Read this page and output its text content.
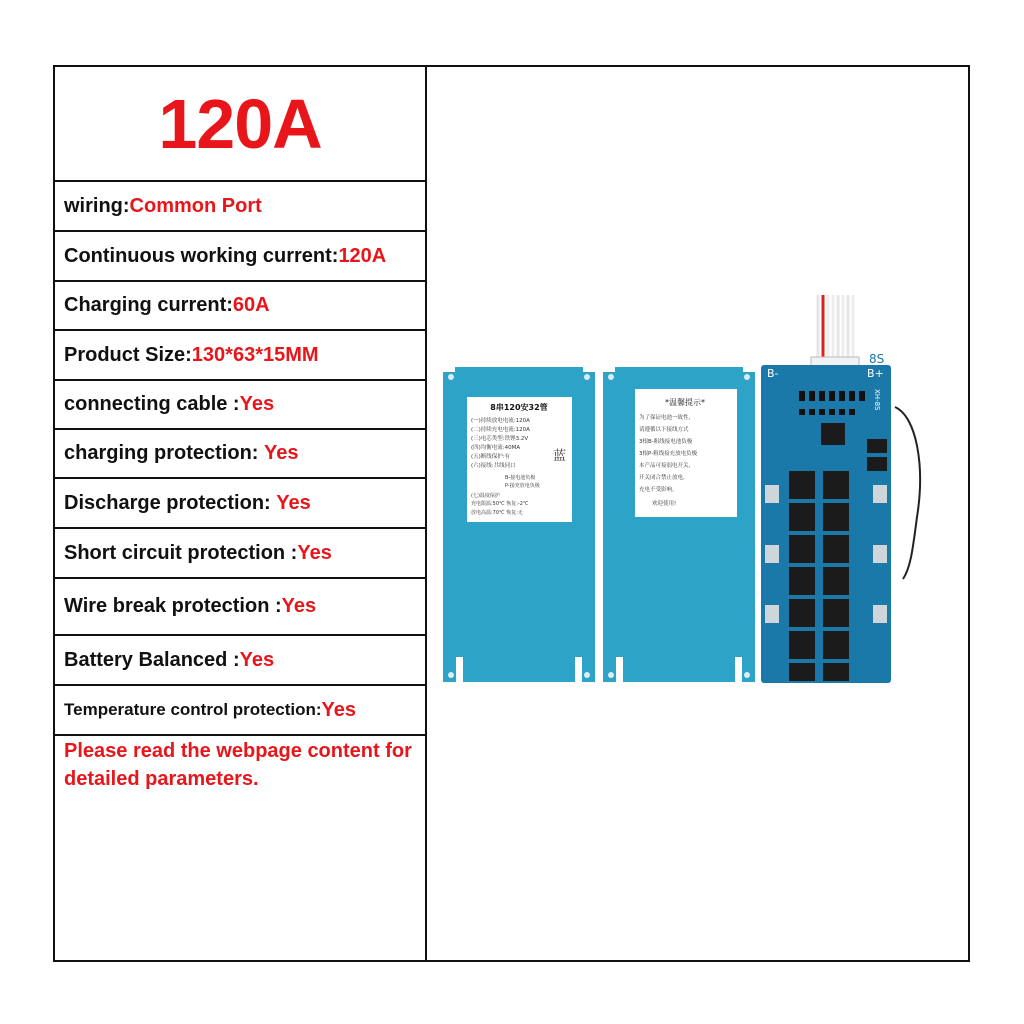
120A
wiring: Common Port
Continuous working current: 120A
Charging current: 60A
Product Size: 130*63*15MM
connecting cable : Yes
charging protection: Yes
Discharge protection: Yes
Short circuit protection : Yes
Wire break protection : Yes
Battery Balanced : Yes
Temperature control protection: Yes
Please read the webpage content for detailed parameters.
8串120安32管
(一)持续放电电流:120A
(二)持续充电电流:120A
(三)电芯类型:铁锂3.2V
(四)均衡电流:40MA
(五)断线保护:有
(六)接线:共线同口
蓝
B-接电池负极
P-接充放电负极
(七)温度保护
充电限温:50℃ 恢复:-2℃
放电高温:70℃ 恢复:无
*温馨提示*
为了保证电池一致性,
请遵循以下接线方式
3根B-粗线接电池负极
3根P-粗线接充放电负极
本产品可接弱电开关,
开关闭合禁止放电,
充电不受影响。
欢迎使用!
B-	B+
8S
XH-8S
